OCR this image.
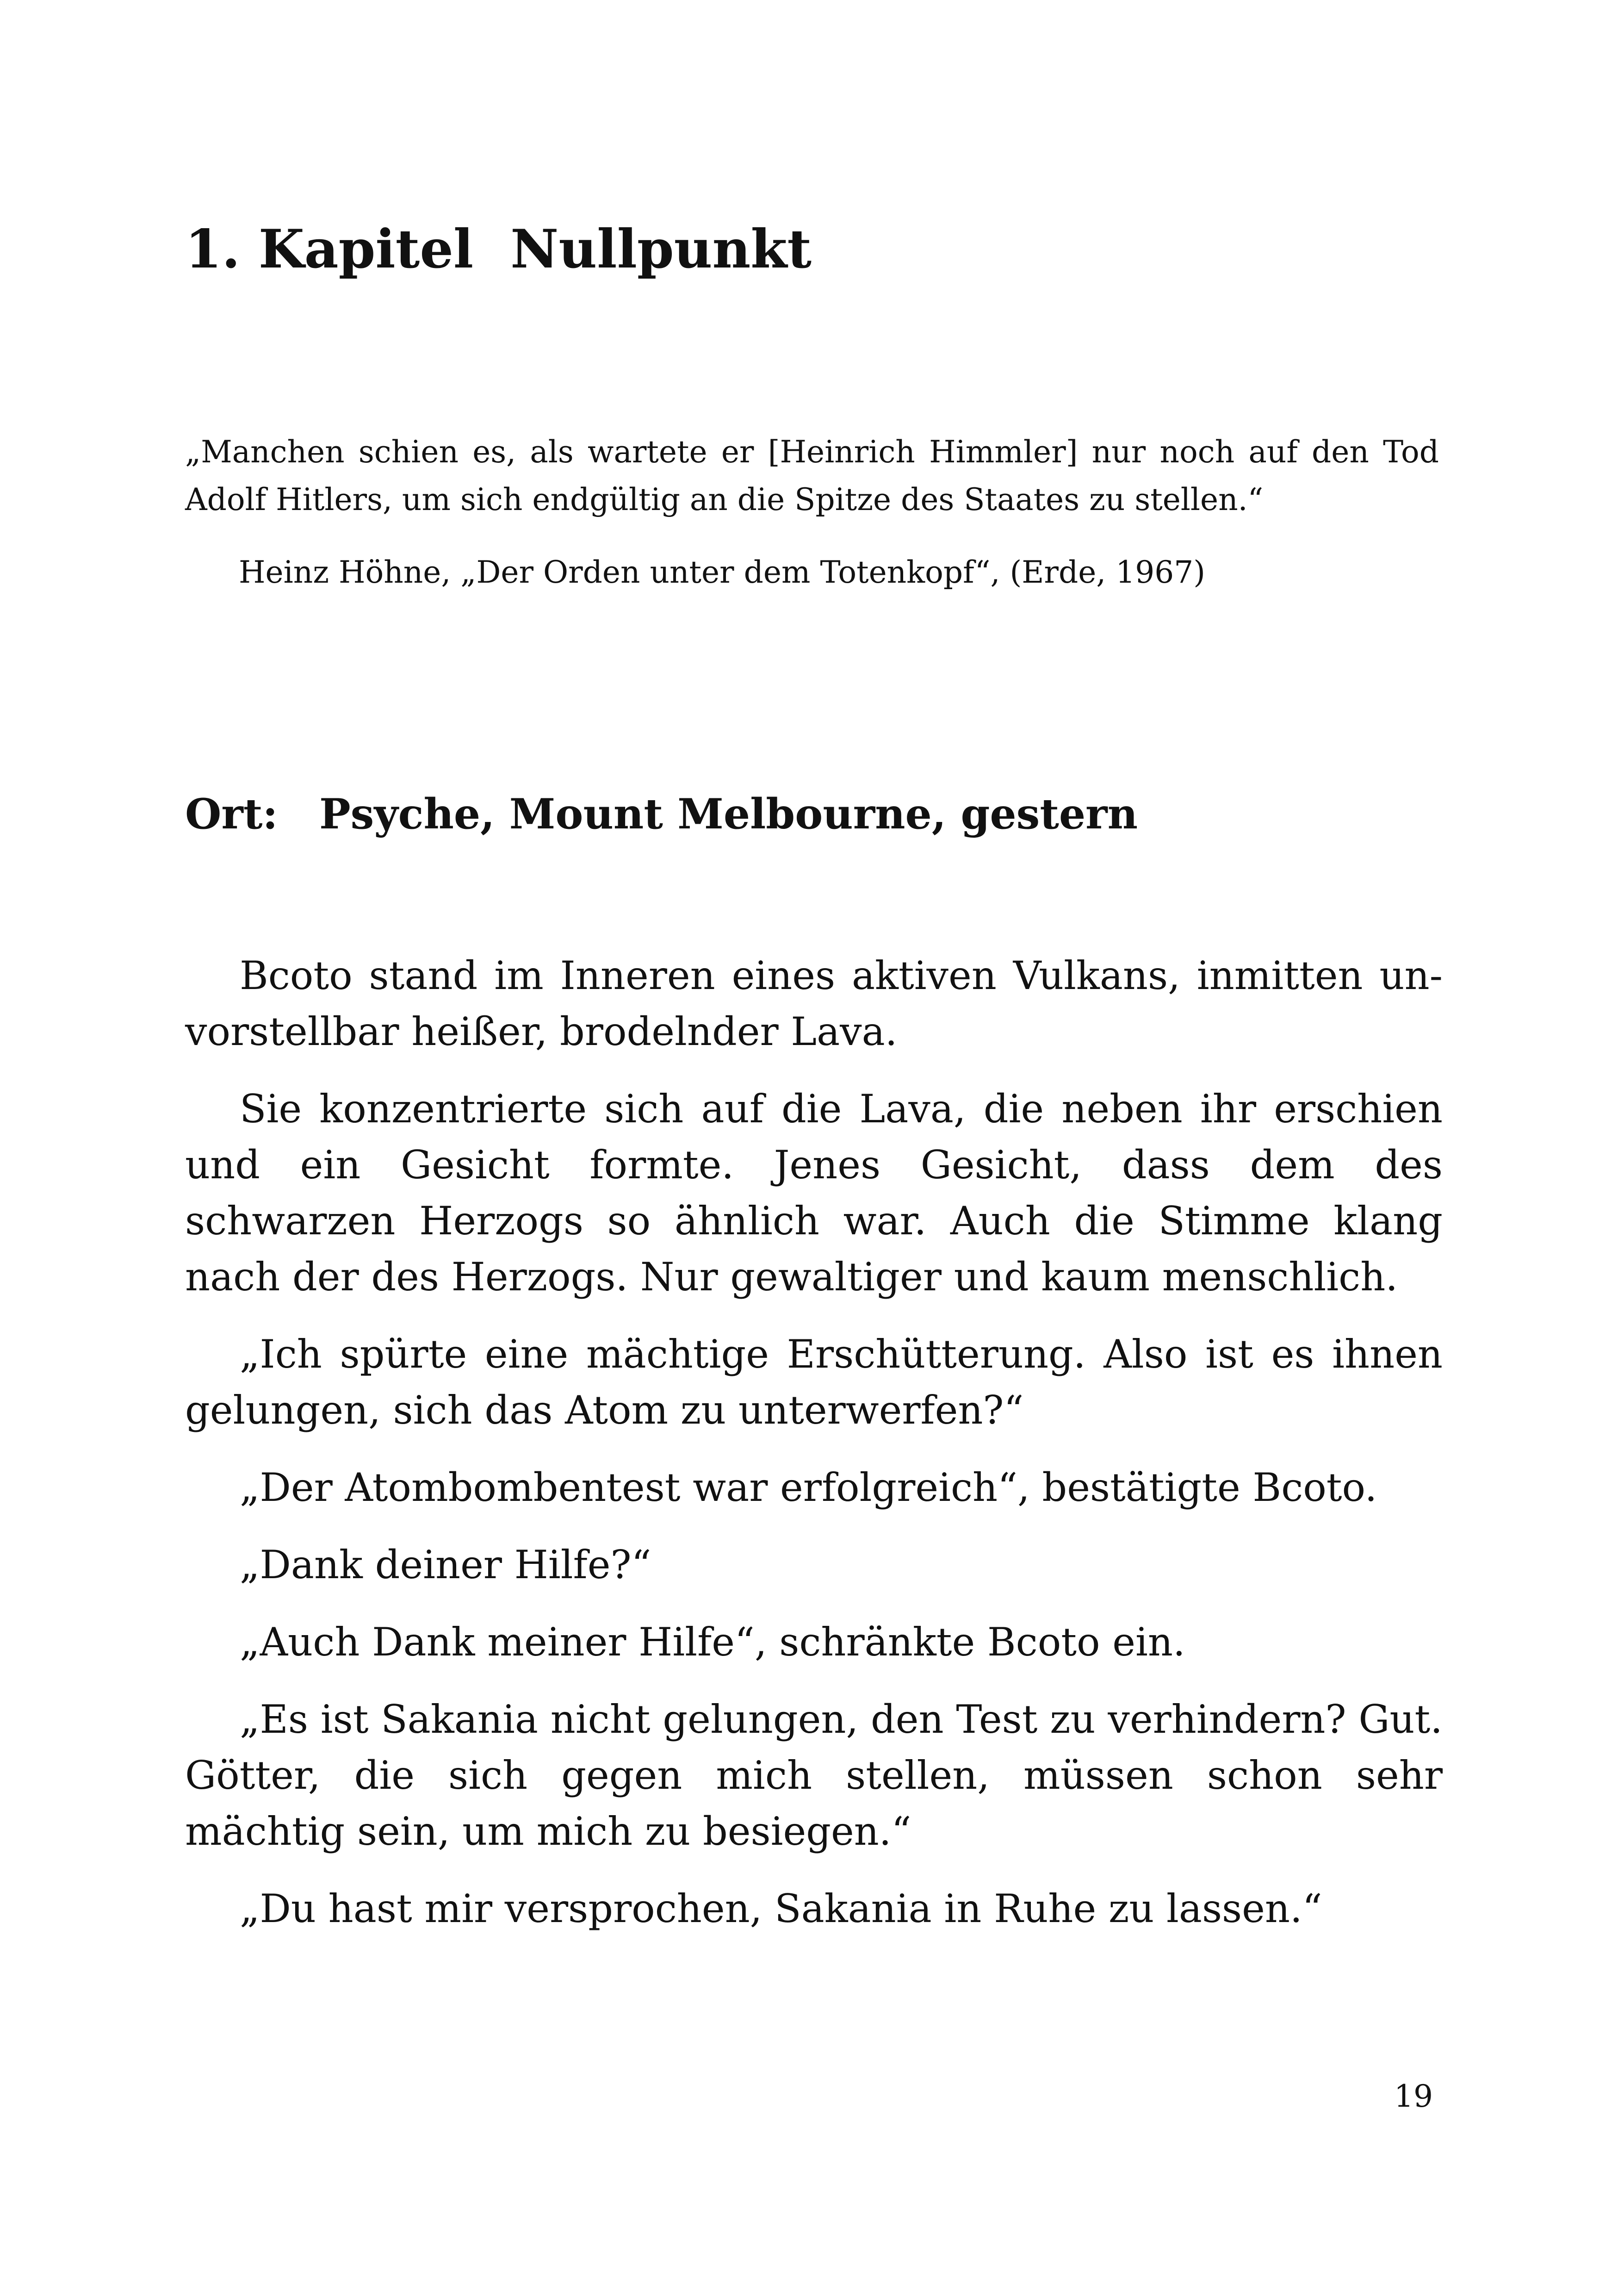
1. Kapitel Nullpunkt

„Manchen schien es, als wartete er [Heinrich Himmler] nur noch auf den Tod Adolf Hitlers, um sich endgültig an die Spitze des Staates zu stellen.“

Heinz Höhne, „Der Orden unter dem Totenkopf“, (Erde, 1967)

Ort: Psyche, Mount Melbourne, gestern

Bcoto stand im Inneren eines aktiven Vulkans, inmitten unvorstellbar heißer, brodelnder Lava.

Sie konzentrierte sich auf die Lava, die neben ihr erschien und ein Gesicht formte. Jenes Gesicht, dass dem des schwarzen Herzogs so ähnlich war. Auch die Stimme klang nach der des Herzogs. Nur gewaltiger und kaum menschlich.

„Ich spürte eine mächtige Erschütterung. Also ist es ihnen gelungen, sich das Atom zu unterwerfen?“

„Der Atombombentest war erfolgreich“, bestätigte Bcoto.

„Dank deiner Hilfe?“

„Auch Dank meiner Hilfe“, schränkte Bcoto ein.

„Es ist Sakania nicht gelungen, den Test zu verhindern? Gut. Götter, die sich gegen mich stellen, müssen schon sehr mächtig sein, um mich zu besiegen.“

„Du hast mir versprochen, Sakania in Ruhe zu lassen.“

19
